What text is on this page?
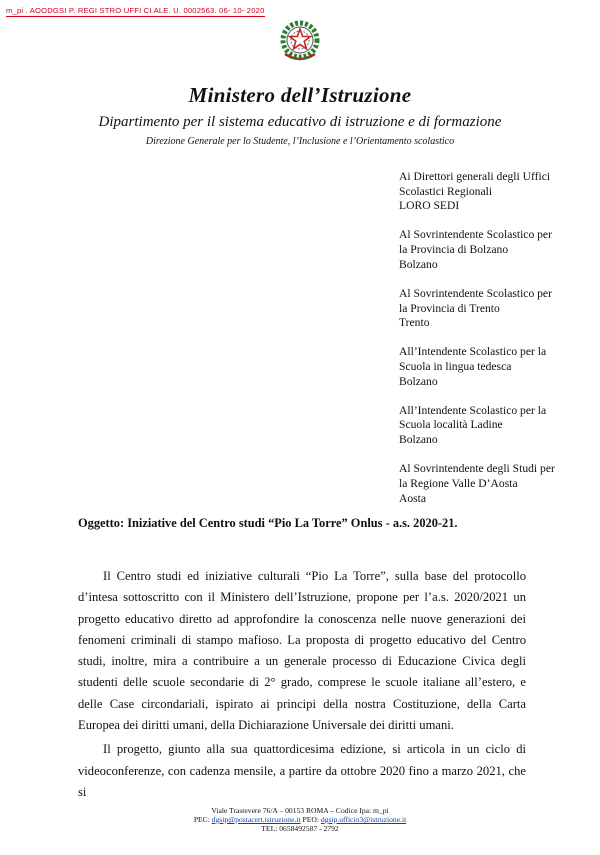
m_pi . AOODGSI P. REGI STRO UFFI CI ALE. U. 0002563. 06- 10- 2020
Ministero dell’Istruzione
Dipartimento per il sistema educativo di istruzione e di formazione
Direzione Generale per lo Studente, l’Inclusione e l’Orientamento scolastico
Ai Direttori generali degli Uffici
Scolastici Regionali
LORO SEDI
Al Sovrintendente Scolastico per
la Provincia di Bolzano
Bolzano
Al Sovrintendente Scolastico per
la Provincia di Trento
Trento
All’Intendente Scolastico per la
Scuola in lingua tedesca
Bolzano
All’Intendente Scolastico per la
Scuola località Ladine
Bolzano
Al Sovrintendente degli Studi per
la Regione Valle D’Aosta
Aosta
Oggetto: Iniziative del Centro studi “Pio La Torre” Onlus - a.s. 2020-21.

Il Centro studi ed iniziative culturali “Pio La Torre”, sulla base del protocollo d’intesa sottoscritto con il Ministero dell’Istruzione, propone per l’a.s. 2020/2021 un progetto educativo diretto ad approfondire la conoscenza nelle nuove generazioni dei fenomeni criminali di stampo mafioso. La proposta di progetto educativo del Centro studi, inoltre, mira a contribuire a un generale processo di Educazione Civica degli studenti delle scuole secondarie di 2° grado, comprese le scuole italiane all’estero, e delle Case circondariali, ispirato ai principi della nostra Costituzione, della Carta Europea dei diritti umani, della Dichiarazione Universale dei diritti umani.

Il progetto, giunto alla sua quattordicesima edizione, si articola in un ciclo di videoconferenze, con cadenza mensile, a partire da ottobre 2020 fino a marzo 2021, che si

Viale Trastevere 76/A – 00153 ROMA – Codice Ipa: m_pi
PEC: dgsip@postacert.istruzione.it PEO: dgsip.ufficio3@istruzione.it
TEL: 0658492587 - 2792
